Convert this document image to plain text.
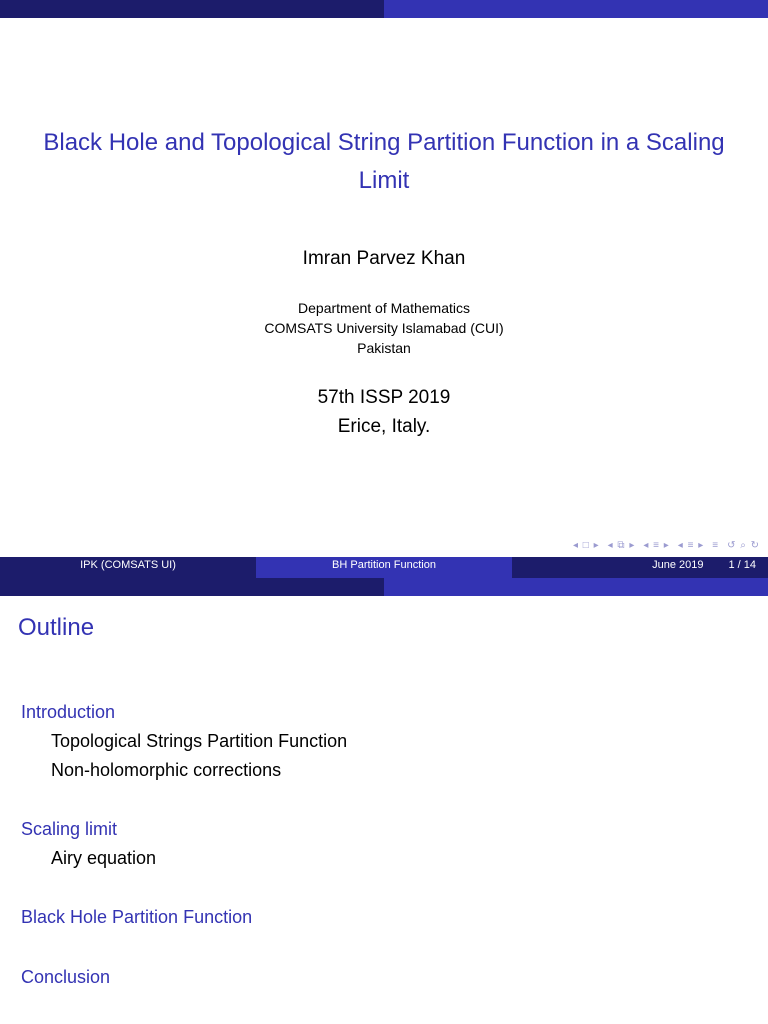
Black Hole and Topological String Partition Function in a Scaling Limit
Imran Parvez Khan
Department of Mathematics
COMSATS University Islamabad (CUI)
Pakistan
57th ISSP 2019
Erice, Italy.
◂ □ ▸ ◂ ⧉ ▸ ◂ ≡ ▸ ◂ ≡ ▸ ≡ ↺ ⌕ ↻
IPK (COMSATS UI)	BH Partition Function	June 2019 1 / 14
Outline
Introduction
Topological Strings Partition Function
Non-holomorphic corrections
Scaling limit
Airy equation
Black Hole Partition Function
Conclusion
